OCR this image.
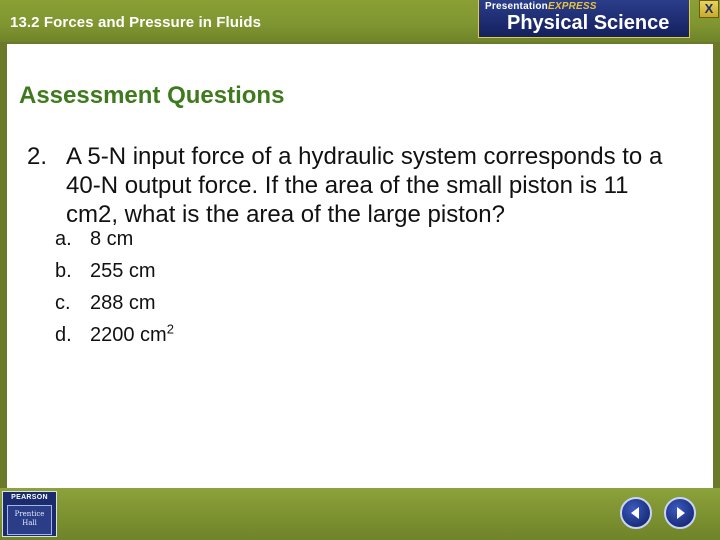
13.2 Forces and Pressure in Fluids
PresentationEXPRESS
Physical Science
X
Assessment Questions
2. A 5-N input force of a hydraulic system corresponds to a 40-N output force. If the area of the small piston is 11 cm2, what is the area of the large piston?
a. 8 cm
b. 255 cm
c. 288 cm
d. 2200 $cm^2$
PEARSON
Prentice
Hall
